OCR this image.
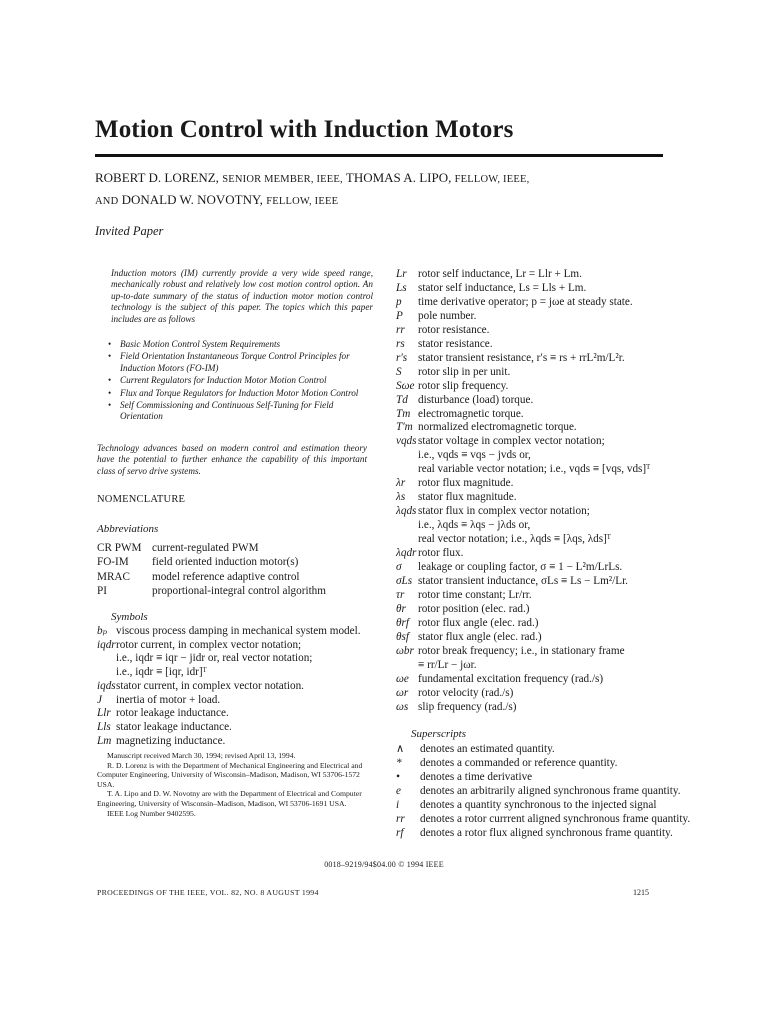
Motion Control with Induction Motors
ROBERT D. LORENZ, SENIOR MEMBER, IEEE, THOMAS A. LIPO, FELLOW, IEEE,
AND DONALD W. NOVOTNY, FELLOW, IEEE
Invited Paper
Induction motors (IM) currently provide a very wide speed range, mechanically robust and relatively low cost motion control option. An up-to-date summary of the status of induction motor motion control technology is the subject of this paper. The topics which this paper includes are as follows
• Basic Motion Control System Requirements
• Field Orientation Instantaneous Torque Control Principles for Induction Motors (FO-IM)
• Current Regulators for Induction Motor Motion Control
• Flux and Torque Regulators for Induction Motor Motion Control
• Self Commissioning and Continuous Self-Tuning for Field Orientation
Technology advances based on modern control and estimation theory have the potential to further enhance the capability of this important class of servo drive systems.
NOMENCLATURE
Abbreviations
CR PWM current-regulated PWM
FO-IM	field oriented induction motor(s)
MRAC	model reference adaptive control
PI	proportional-integral control algorithm
Symbols
bₚ viscous process damping in mechanical system model.
iqdr rotor current, in complex vector notation;
i.e., iqdr ≡ iqr − jidr or, real vector notation;
i.e., iqdr ≡ [iqr, idr]ᵀ
iqds stator current, in complex vector notation.
J	inertia of motor + load.
Llr rotor leakage inductance.
Lls stator leakage inductance.
Lm magnetizing inductance.

Manuscript received March 30, 1994; revised April 13, 1994.

R. D. Lorenz is with the Department of Mechanical Engineering and Electrical and Computer Engineering, University of Wisconsin–Madison, Madison, WI 53706-1572 USA.

T. A. Lipo and D. W. Novotny are with the Department of Electrical and Computer Engineering, University of Wisconsin–Madison, Madison, WI 53706-1691 USA.

IEEE Log Number 9402595.

Lr	rotor self inductance, Lr = Llr + Lm.
Ls	stator self inductance, Ls = Lls + Lm.
p	time derivative operator; p = jωe at steady state.
P	pole number.
rr	rotor resistance.
rs	stator resistance.
r′s stator transient resistance, r′s ≡ rs + rrL²m/L²r.
S	rotor slip in per unit.
Sωe rotor slip frequency.
Td disturbance (load) torque.
Tm electromagnetic torque.
T′m normalized electromagnetic torque.
vqds stator voltage in complex vector notation;
i.e., vqds ≡ vqs − jvds or,
real variable vector notation; i.e., vqds ≡ [vqs, vds]ᵀ
λr	rotor flux magnitude.
λs	stator flux magnitude.
λqds stator flux in complex vector notation;
i.e., λqds ≡ λqs − jλds or,
real vector notation; i.e., λqds ≡ [λqs, λds]ᵀ
λqdr rotor flux.
σ	leakage or coupling factor, σ ≡ 1 − L²m/LrLs.
σLs stator transient inductance, σLs ≡ Ls − Lm²/Lr.
τr	rotor time constant; Lr/rr.
θr	rotor position (elec. rad.)
θrf rotor flux angle (elec. rad.)
θsf stator flux angle (elec. rad.)
ωbr rotor break frequency; i.e., in stationary frame
≡ rr/Lr − jωr.
ωe fundamental excitation frequency (rad./s)
ωr rotor velocity (rad./s)
ωs slip frequency (rad./s)
Superscripts
∧	denotes an estimated quantity.
*	denotes a commanded or reference quantity.
•	denotes a time derivative
e	denotes an arbitrarily aligned synchronous frame quantity.
i	denotes a quantity synchronous to the injected signal
rr	denotes a rotor currrent aligned synchronous frame quantity.
rf	denotes a rotor flux aligned synchronous frame quantity.
0018–9219/94$04.00 © 1994 IEEE
PROCEEDINGS OF THE IEEE, VOL. 82, NO. 8 AUGUST 1994	1215
